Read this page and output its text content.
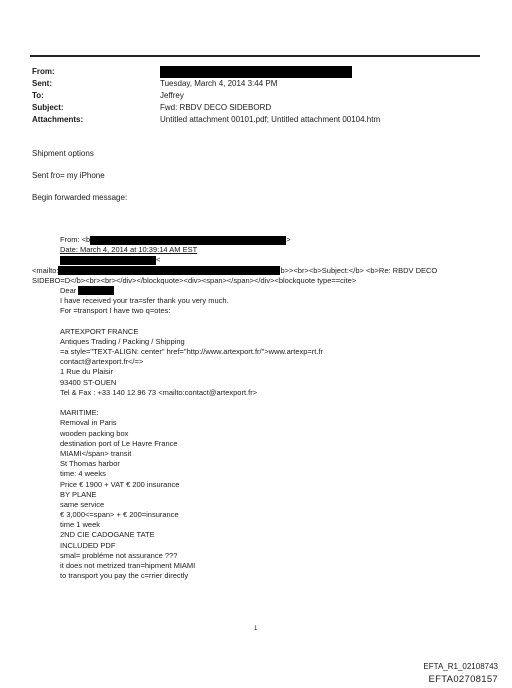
From:
Sent:	Tuesday, March 4, 2014 3:44 PM
To:	Jeffrey
Subject:	Fwd: RBDV DECO SIDEBORD
Attachments:	Untitled attachment 00101.pdf; Untitled attachment 00104.htm
Shipment options
Sent fro= my iPhone
Begin forwarded message:
From: <b	>
Date: March 4, 2014 at 10:39:14 AM EST
<
<mailto:	b>><br><b>Subject:</b> <b>Re: RBDV DECO
SIDEBO=D</b><br><br></div></blockquote><div><span></span></div><blockquote type==cite>
Dear
I have received your tra=sfer thank you very much.
For =transport I have two q=otes:
ARTEXPORT FRANCE
Antiques Trading / Packing / Shipping
=a style="TEXT-ALIGN: center" href="http://www.artexport.fr/">www.artexp=rt.fr
contact@artexport.fr</=>
1 Rue du Plaisir
93400 ST-OUEN
Tel & Fax : +33 140 12 96 73 <mailto:contact@artexport.fr>
MARITIME:
Removal in Paris
wooden packing box
destination port of Le Havre France
MIAMI</span> transit
St Thomas harbor
time: 4 weeks
Price € 1900 + VAT € 200 insurance
BY PLANE
same service
€ 3,000<=span> + € 200=insurance
time 1 week
2ND CIE CADOGANE TATE
INCLUDED PDF
smal= probléme not assurance ???
it does not metrized tran=hipment MIAMI
to transport you pay the c=rrier directly
1
EFTA_R1_02108743
EFTA02708157
